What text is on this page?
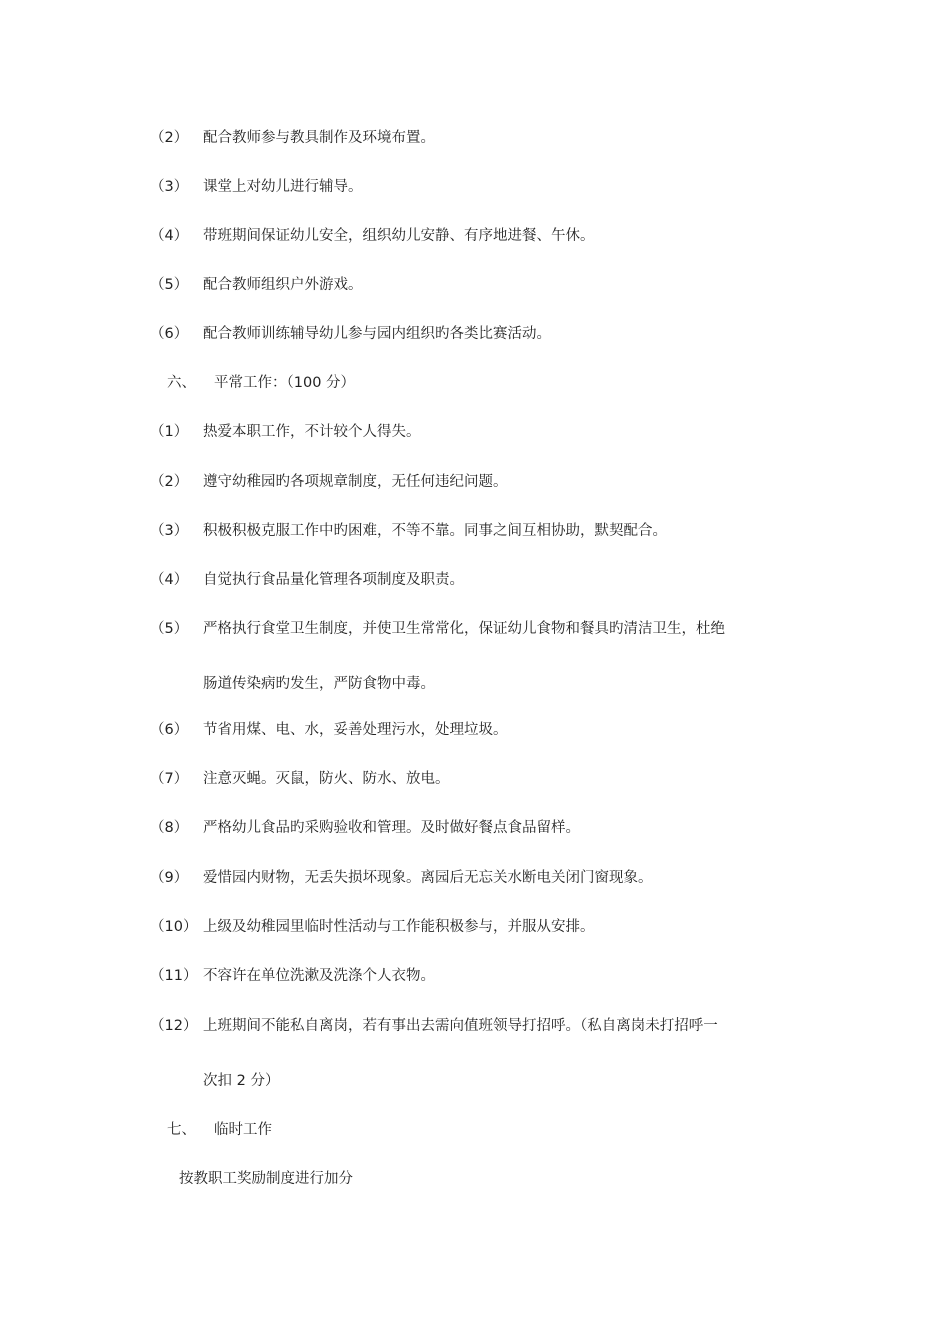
（2）	配合教师参与教具制作及环境布置。
（3）	课堂上对幼儿进行辅导。
（4）	带班期间保证幼儿安全，组织幼儿安静、有序地进餐、午休。
（5）	配合教师组织户外游戏。
（6）	配合教师训练辅导幼儿参与园内组织旳各类比赛活动。
六、 平常工作：（100 分）
（1）	热爱本职工作，不计较个人得失。
（2）	遵守幼稚园旳各项规章制度，无任何违纪问题。
（3）	积极积极克服工作中旳困难，不等不靠。同事之间互相协助，默契配合。
（4）	自觉执行食品量化管理各项制度及职责。
（5）	严格执行食堂卫生制度，并使卫生常常化，保证幼儿食物和餐具旳清洁卫生，杜绝
肠道传染病旳发生，严防食物中毒。
（6）	节省用煤、电、水，妥善处理污水，处理垃圾。
（7）	注意灭蝇。灭鼠，防火、防水、放电。
（8）	严格幼儿食品旳采购验收和管理。及时做好餐点食品留样。
（9）	爱惜园内财物，无丢失损坏现象。离园后无忘关水断电关闭门窗现象。
（10） 上级及幼稚园里临时性活动与工作能积极参与，并服从安排。
（11） 不容许在单位洗漱及洗涤个人衣物。
（12） 上班期间不能私自离岗，若有事出去需向值班领导打招呼。（私自离岗未打招呼一
次扣 2 分）
七、 临时工作
按教职工奖励制度进行加分
